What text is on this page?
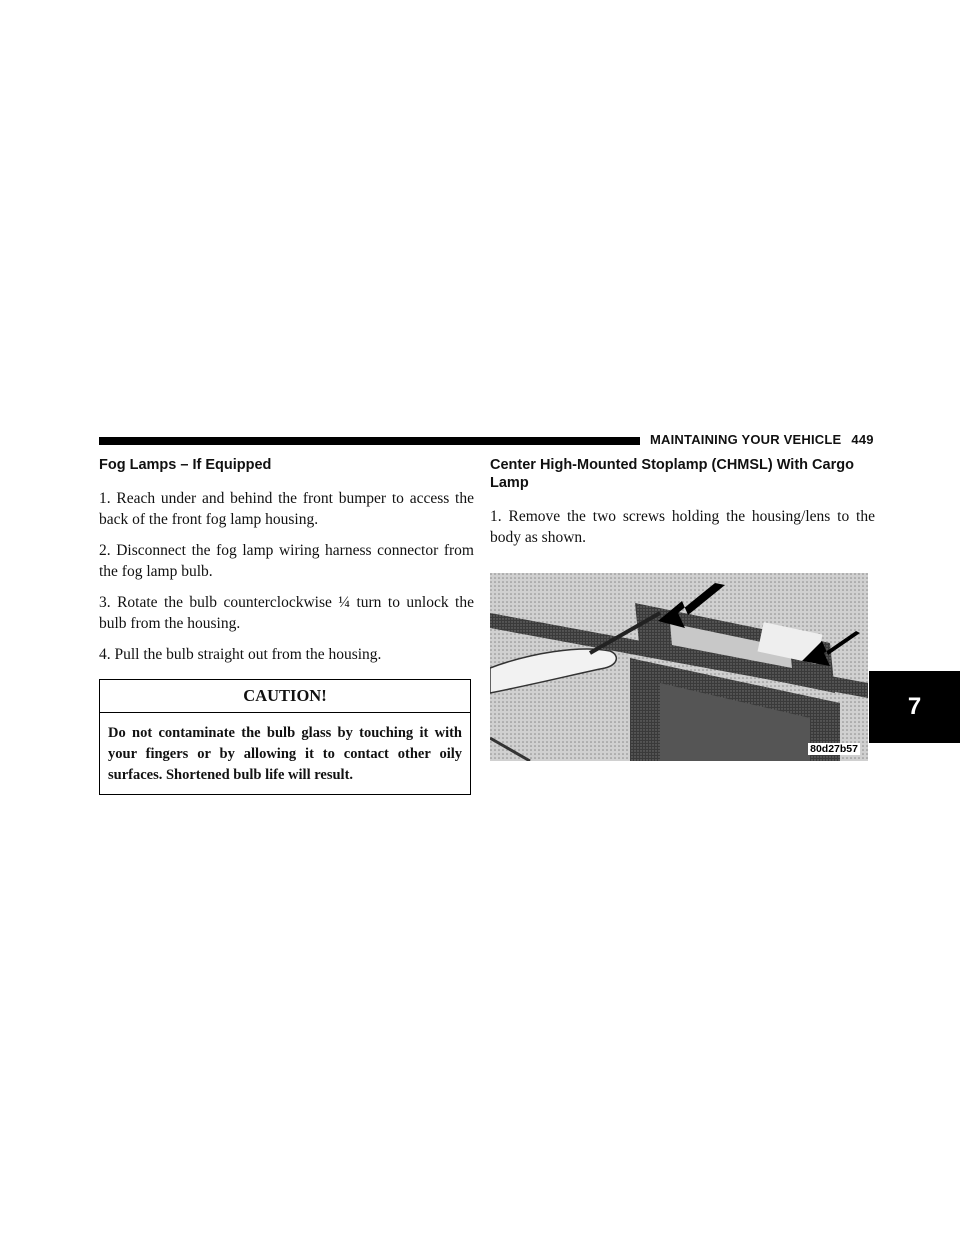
MAINTAINING YOUR VEHICLE 449
Fog Lamps – If Equipped

1. Reach under and behind the front bumper to access the back of the front fog lamp housing.

2. Disconnect the fog lamp wiring harness connector from the fog lamp bulb.

3. Rotate the bulb counterclockwise ¼ turn to unlock the bulb from the housing.

4. Pull the bulb straight out from the housing.

CAUTION!
Do not contaminate the bulb glass by touching it with your fingers or by allowing it to contact other oily surfaces. Shortened bulb life will result.
Center High-Mounted Stoplamp (CHMSL) With Cargo Lamp

1. Remove the two screws holding the housing/lens to the body as shown.

80d27b57
7
